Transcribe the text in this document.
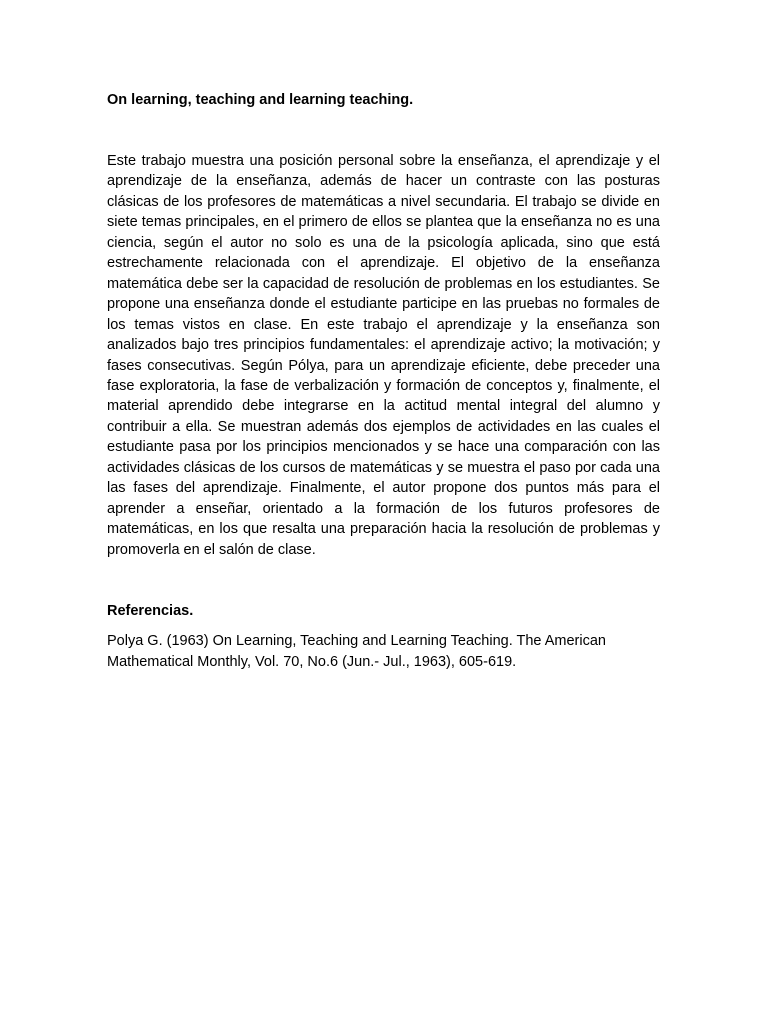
On learning, teaching and learning teaching.

Este trabajo muestra una posición personal sobre la enseñanza, el aprendizaje y el aprendizaje de la enseñanza, además de hacer un contraste con las posturas clásicas de los profesores de matemáticas a nivel secundaria. El trabajo se divide en siete temas principales, en el primero de ellos se plantea que la enseñanza no es una ciencia, según el autor no solo es una de la psicología aplicada, sino que está estrechamente relacionada con el aprendizaje. El objetivo de la enseñanza matemática debe ser la capacidad de resolución de problemas en los estudiantes. Se propone una enseñanza donde el estudiante participe en las pruebas no formales de los temas vistos en clase. En este trabajo el aprendizaje y la enseñanza son analizados bajo tres principios fundamentales: el aprendizaje activo; la motivación; y fases consecutivas. Según Pólya, para un aprendizaje eficiente, debe preceder una fase exploratoria, la fase de verbalización y formación de conceptos y, finalmente, el material aprendido debe integrarse en la actitud mental integral del alumno y contribuir a ella. Se muestran además dos ejemplos de actividades en las cuales el estudiante pasa por los principios mencionados y se hace una comparación con las actividades clásicas de los cursos de matemáticas y se muestra el paso por cada una las fases del aprendizaje. Finalmente, el autor propone dos puntos más para el aprender a enseñar, orientado a la formación de los futuros profesores de matemáticas, en los que resalta una preparación hacia la resolución de problemas y promoverla en el salón de clase.

Referencias.

Polya G. (1963) On Learning, Teaching and Learning Teaching. The American Mathematical Monthly, Vol. 70, No.6 (Jun.- Jul., 1963), 605-619.
